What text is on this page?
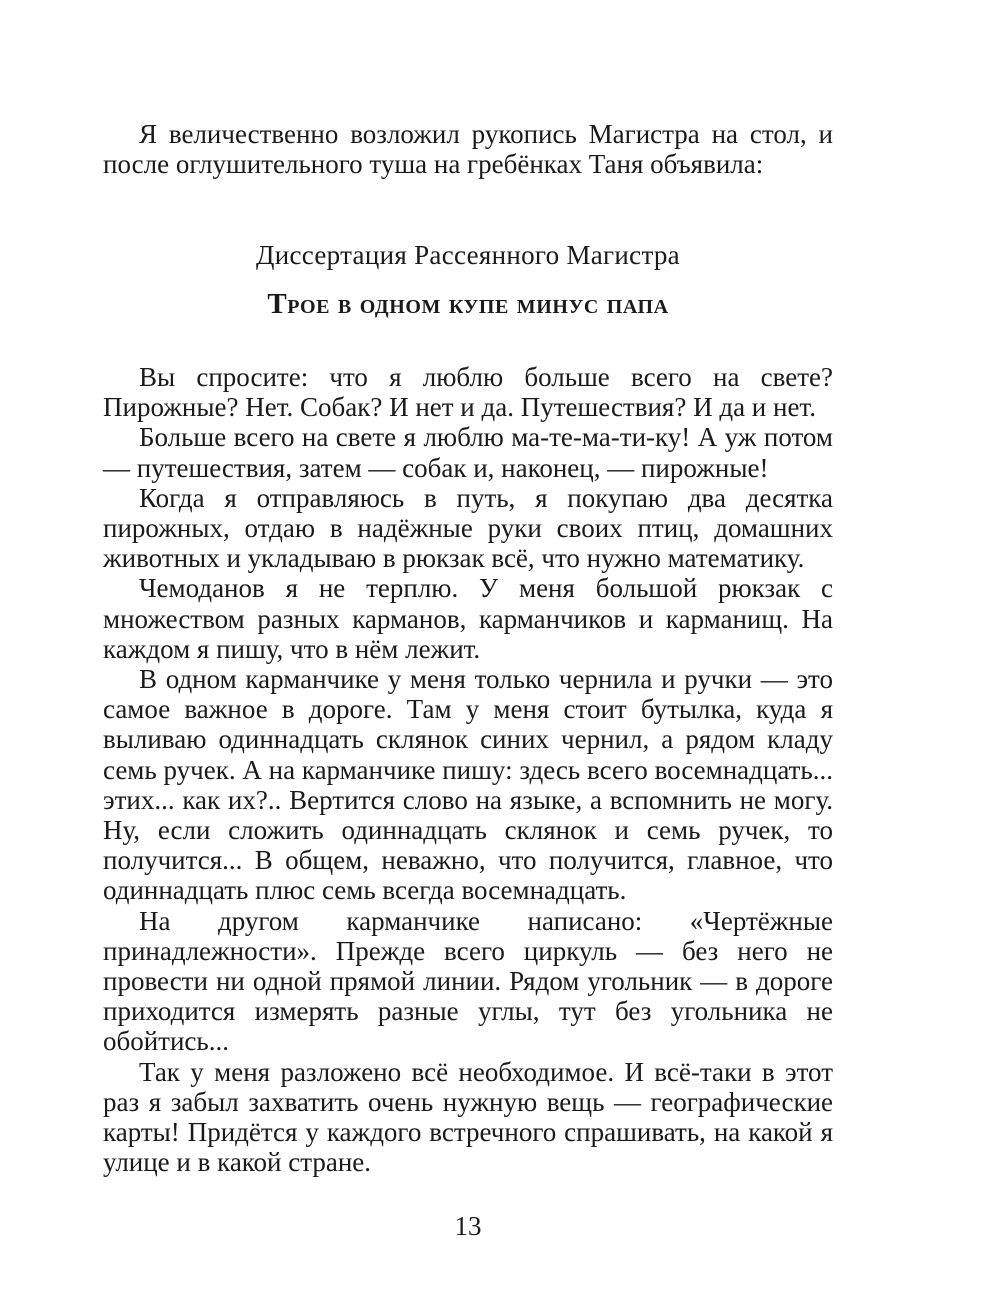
Я величественно возложил рукопись Магистра на стол, и после оглушительного туша на гребёнках Таня объявила:

Диссертация Рассеянного Магистра
Трое в одном купе минус папа

Вы спросите: что я люблю больше всего на свете? Пирожные? Нет. Собак? И нет и да. Путешествия? И да и нет.

Больше всего на свете я люблю ма-те-ма-ти-ку! А уж потом — путешествия, затем — собак и, наконец, — пирожные!

Когда я отправляюсь в путь, я покупаю два десятка пирожных, отдаю в надёжные руки своих птиц, домашних животных и укладываю в рюкзак всё, что нужно математику.

Чемоданов я не терплю. У меня большой рюкзак с множеством разных карманов, карманчиков и карманищ. На каждом я пишу, что в нём лежит.

В одном карманчике у меня только чернила и ручки — это самое важное в дороге. Там у меня стоит бутылка, куда я выливаю одиннадцать склянок синих чернил, а рядом кладу семь ручек. А на карманчике пишу: здесь всего восемнадцать... этих... как их?.. Вертится слово на языке, а вспомнить не могу. Ну, если сложить одиннадцать склянок и семь ручек, то получится... В общем, неважно, что получится, главное, что одиннадцать плюс семь всегда восемнадцать.

На другом карманчике написано: «Чертёжные принадлежности». Прежде всего циркуль — без него не провести ни одной прямой линии. Рядом угольник — в дороге приходится измерять разные углы, тут без угольника не обойтись...

Так у меня разложено всё необходимое. И всё-таки в этот раз я забыл захватить очень нужную вещь — географические карты! Придётся у каждого встречного спрашивать, на какой я улице и в какой стране.

13
